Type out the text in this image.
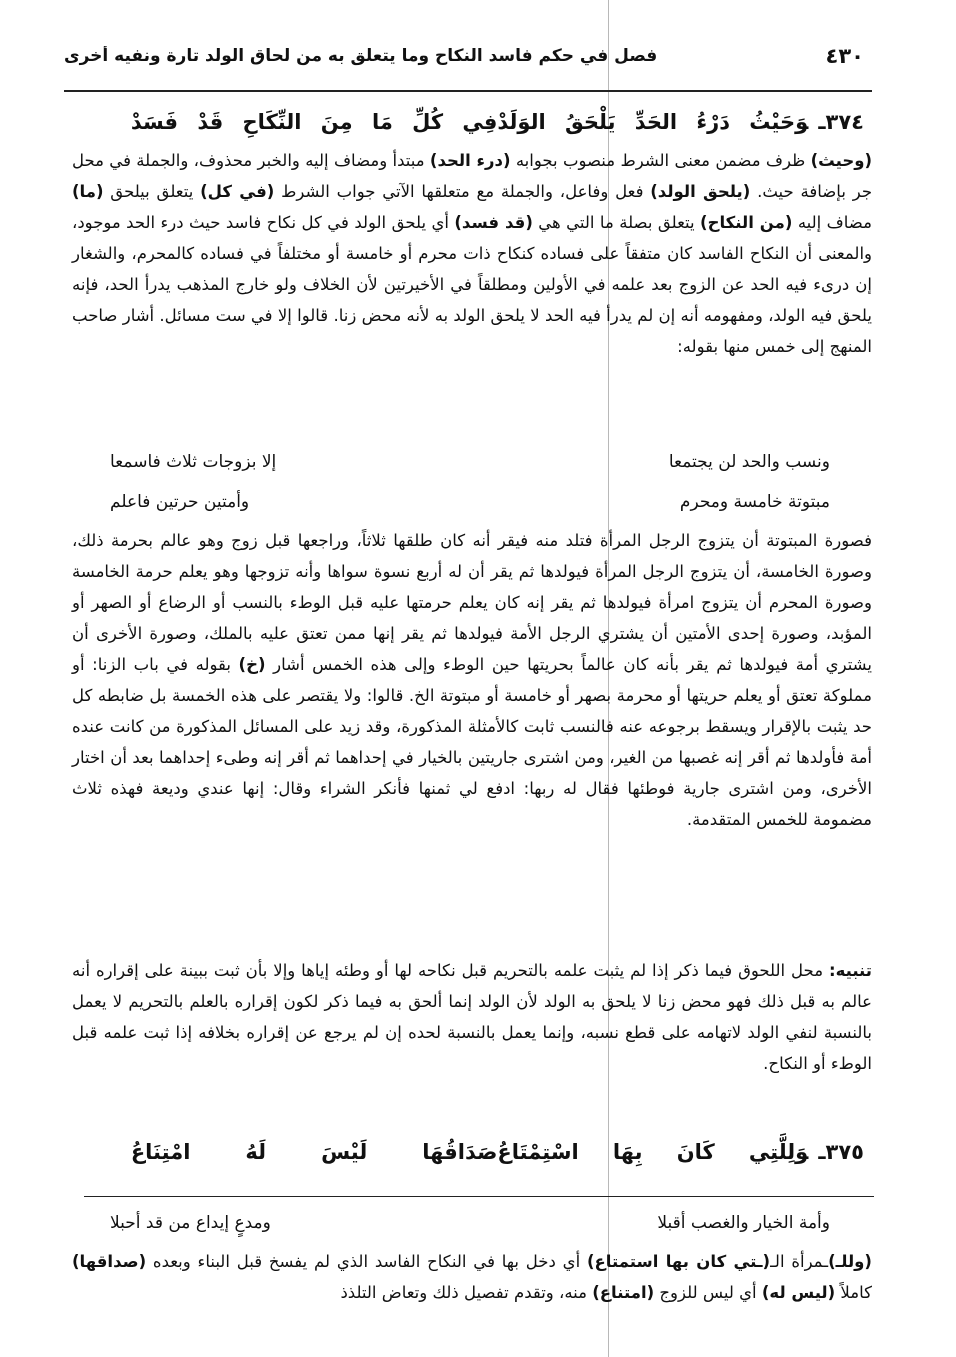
٤٣٠
فصل في حكم فاسد النكاح وما يتعلق به من لحاق الولد تارة ونفيه أخرى
٣٧٤ـوَحَيْثُ دَرْءُ الحَدِّ يَلْحَقُ الوَلَدْفِي كُلِّ مَا مِنَ النِّكَاحِ قَدْ فَسَدْ

(وحيث) ظرف مضمن معنى الشرط منصوب بجوابه (درء الحد) مبتدأ ومضاف إليه والخبر محذوف، والجملة في محل جر بإضافة حيث. (يلحق الولد) فعل وفاعل، والجملة مع متعلقها الآتي جواب الشرط (في كل) يتعلق بيلحق (ما) مضاف إليه (من النكاح) يتعلق بصلة ما التي هي (قد فسد) أي يلحق الولد في كل نكاح فاسد حيث درء الحد موجود، والمعنى أن النكاح الفاسد كان متفقاً على فساده كنكاح ذات محرم أو خامسة أو مختلفاً في فساده كالمحرم، والشغار إن درىء فيه الحد عن الزوج بعد علمه في الأولين ومطلقاً في الأخيرتين لأن الخلاف ولو خارج المذهب يدرأ الحد، فإنه يلحق فيه الولد، ومفهومه أنه إن لم يدرأ فيه الحد لا يلحق الولد به لأنه محض زنا. قالوا إلا في ست مسائل. أشار صاحب المنهج إلى خمس منها بقوله:

ونسب والحد لن يجتمعا
إلا بزوجات ثلاث فاسمعا
مبتوتة خامسة ومحرم
وأمتين حرتين فاعلم

فصورة المبتوتة أن يتزوج الرجل المرأة فتلد منه فيقر أنه كان طلقها ثلاثاً، وراجعها قبل زوج وهو عالم بحرمة ذلك، وصورة الخامسة، أن يتزوج الرجل المرأة فيولدها ثم يقر أن له أربع نسوة سواها وأنه تزوجها وهو يعلم حرمة الخامسة وصورة المحرم أن يتزوج امرأة فيولدها ثم يقر إنه كان يعلم حرمتها عليه قبل الوطء بالنسب أو الرضاع أو الصهر أو المؤبد، وصورة إحدى الأمتين أن يشتري الرجل الأمة فيولدها ثم يقر إنها ممن تعتق عليه بالملك، وصورة الأخرى أن يشتري أمة فيولدها ثم يقر بأنه كان عالماً بحريتها حين الوطء وإلى هذه الخمس أشار (خ) بقوله في باب الزنا: أو مملوكة تعتق أو يعلم حريتها أو محرمة بصهر أو خامسة أو مبتوتة الخ. قالوا: ولا يقتصر على هذه الخمسة بل ضابطه كل حد يثبت بالإقرار ويسقط برجوعه عنه فالنسب ثابت كالأمثلة المذكورة، وقد زيد على المسائل المذكورة من كانت عنده أمة فأولدها ثم أقر إنه غصبها من الغير، ومن اشترى جاريتين بالخيار في إحداهما ثم أقر إنه وطىء إحداهما بعد أن اختار الأخرى، ومن اشترى جارية فوطئها فقال له ربها: ادفع لي ثمنها فأنكر الشراء وقال: إنها عندي وديعة فهذه ثلاث مضمومة للخمس المتقدمة.

تنبيه: محل اللحوق فيما ذكر إذا لم يثبت علمه بالتحريم قبل نكاحه لها أو وطئه إياها وإلا بأن ثبت ببينة على إقراره أنه عالم به قبل ذلك فهو محض زنا لا يلحق به الولد لأن الولد إنما ألحق به فيما ذكر لكون إقراره بالعلم بالتحريم لا يعمل بالنسبة لنفي الولد لاتهامه على قطع نسبه، وإنما يعمل بالنسبة لحده إن لم يرجع عن إقراره بخلافه إذا ثبت علمه قبل الوطء أو النكاح.

٣٧٥ـوَلِلَّتِي كَانَ بِهَا اسْتِمْتَاعُصَدَاقُهَا لَيْسَ لَهُ امْتِنَاعُ
وأمة الخيار والغصب أقبلا
ومدعٍ إيداع من قد أحبلا

(وللـ)ـمرأة الـ(ـتي كان بها استمتاع) أي دخل بها في النكاح الفاسد الذي لم يفسخ قبل البناء وبعده (صداقها) كاملاً (ليس له) أي ليس للزوج (امتناع) منه، وتقدم تفصيل ذلك وتعاض التلذذ
